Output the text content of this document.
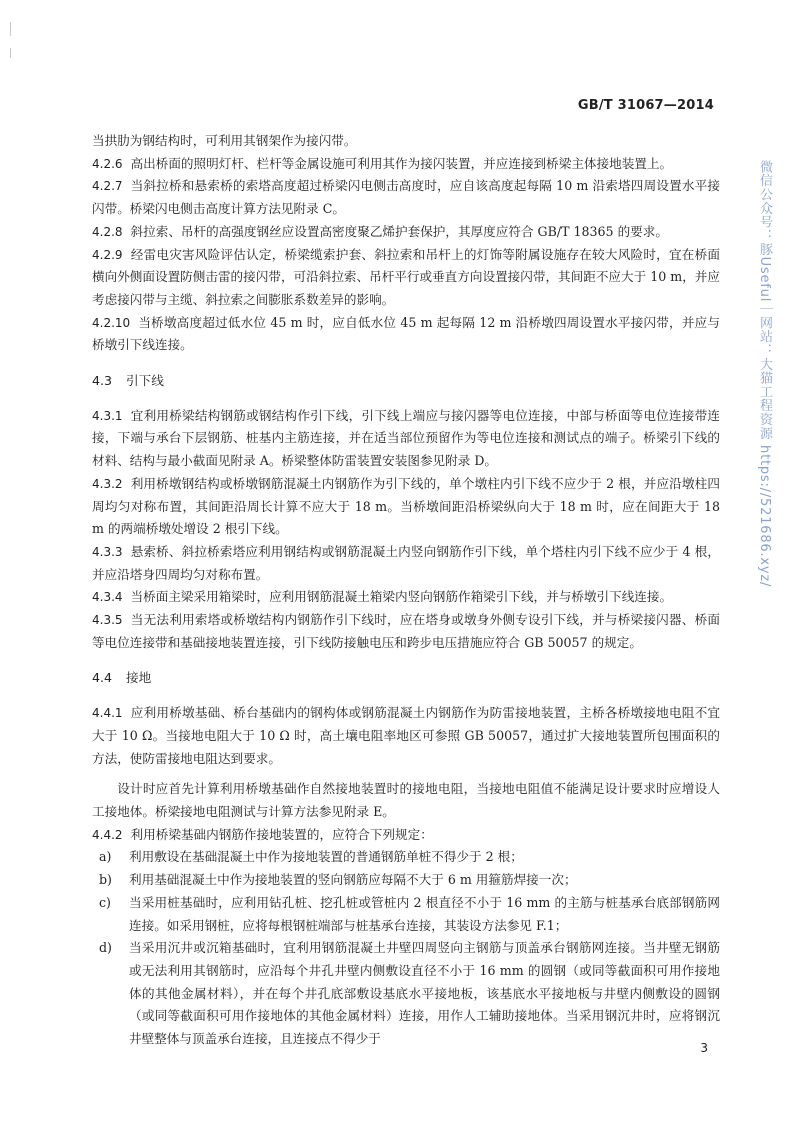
GB/T 31067—2014
微信公众号：豚Useful｜网站：大猫工程资源 https://521686.xyz/

当拱肋为钢结构时，可利用其钢架作为接闪带。

4.2.6 高出桥面的照明灯杆、栏杆等金属设施可利用其作为接闪装置，并应连接到桥梁主体接地装置上。

4.2.7 当斜拉桥和悬索桥的索塔高度超过桥梁闪电侧击高度时，应自该高度起每隔 10 m 沿索塔四周设置水平接闪带。桥梁闪电侧击高度计算方法见附录 C。

4.2.8 斜拉索、吊杆的高强度钢丝应设置高密度聚乙烯护套保护，其厚度应符合 GB/T 18365 的要求。

4.2.9 经雷电灾害风险评估认定，桥梁缆索护套、斜拉索和吊杆上的灯饰等附属设施存在较大风险时，宜在桥面横向外侧面设置防侧击雷的接闪带，可沿斜拉索、吊杆平行或垂直方向设置接闪带，其间距不应大于 10 m，并应考虑接闪带与主缆、斜拉索之间膨胀系数差异的影响。

4.2.10 当桥墩高度超过低水位 45 m 时，应自低水位 45 m 起每隔 12 m 沿桥墩四周设置水平接闪带，并应与桥墩引下线连接。

4.3 引下线

4.3.1 宜利用桥梁结构钢筋或钢结构作引下线，引下线上端应与接闪器等电位连接，中部与桥面等电位连接带连接，下端与承台下层钢筋、桩基内主筋连接，并在适当部位预留作为等电位连接和测试点的端子。桥梁引下线的材料、结构与最小截面见附录 A。桥梁整体防雷装置安装图参见附录 D。

4.3.2 利用桥墩钢结构或桥墩钢筋混凝土内钢筋作为引下线的，单个墩柱内引下线不应少于 2 根，并应沿墩柱四周均匀对称布置，其间距沿周长计算不应大于 18 m。当桥墩间距沿桥梁纵向大于 18 m 时，应在间距大于 18 m 的两端桥墩处增设 2 根引下线。

4.3.3 悬索桥、斜拉桥索塔应利用钢结构或钢筋混凝土内竖向钢筋作引下线，单个塔柱内引下线不应少于 4 根，并应沿塔身四周均匀对称布置。

4.3.4 当桥面主梁采用箱梁时，应利用钢筋混凝土箱梁内竖向钢筋作箱梁引下线，并与桥墩引下线连接。

4.3.5 当无法利用索塔或桥墩结构内钢筋作引下线时，应在塔身或墩身外侧专设引下线，并与桥梁接闪器、桥面等电位连接带和基础接地装置连接，引下线防接触电压和跨步电压措施应符合 GB 50057 的规定。

4.4 接地

4.4.1 应利用桥墩基础、桥台基础内的钢构体或钢筋混凝土内钢筋作为防雷接地装置，主桥各桥墩接地电阻不宜大于 10 Ω。当接地电阻大于 10 Ω 时，高土壤电阻率地区可参照 GB 50057，通过扩大接地装置所包围面积的方法，使防雷接地电阻达到要求。

设计时应首先计算利用桥墩基础作自然接地装置时的接地电阻，当接地电阻值不能满足设计要求时应增设人工接地体。桥梁接地电阻测试与计算方法参见附录 E。

4.4.2 利用桥梁基础内钢筋作接地装置的，应符合下列规定：

a)	利用敷设在基础混凝土中作为接地装置的普通钢筋单桩不得少于 2 根；
b)	利用基础混凝土中作为接地装置的竖向钢筋应每隔不大于 6 m 用箍筋焊接一次；
c)	当采用桩基础时，应利用钻孔桩、挖孔桩或管桩内 2 根直径不小于 16 mm 的主筋与桩基承台底部钢筋网连接。如采用钢桩，应将每根钢桩端部与桩基承台连接，其装设方法参见 F.1；
d)	当采用沉井或沉箱基础时，宜利用钢筋混凝土井壁四周竖向主钢筋与顶盖承台钢筋网连接。当井壁无钢筋或无法利用其钢筋时，应沿每个井孔井壁内侧敷设直径不小于 16 mm 的圆钢（或同等截面积可用作接地体的其他金属材料），并在每个井孔底部敷设基底水平接地板，该基底水平接地板与井壁内侧敷设的圆钢（或同等截面积可用作接地体的其他金属材料）连接，用作人工辅助接地体。当采用钢沉井时，应将钢沉井壁整体与顶盖承台连接，且连接点不得少于
3
